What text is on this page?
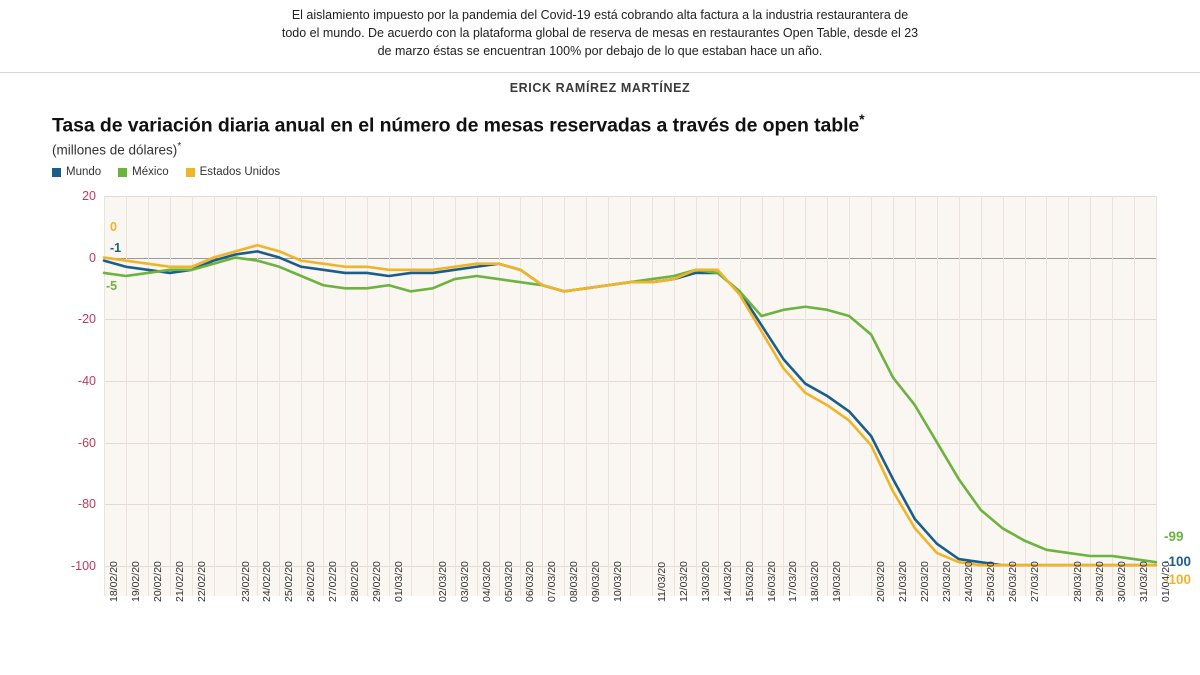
El aislamiento impuesto por la pandemia del Covid-19 está cobrando alta factura a la industria restaurantera de todo el mundo. De acuerdo con la plataforma global de reserva de mesas en restaurantes Open Table, desde el 23 de marzo éstas se encuentran 100% por debajo de lo que estaban hace un año.

ERICK RAMÍREZ MARTÍNEZ
Tasa de variación diaria anual en el número de mesas reservadas a través de open table*
(millones de dólares)*
Mundo	México	Estados Unidos
-1
-5
0
20
0
-20
-40
-60
-80
-100 18/02/20 19/02/20 20/02/20 21/02/20 22/02/20	23/02/20 24/02/20 25/02/20 26/02/20 27/02/20 28/02/20 29/02/20 01/03/20	02/03/20 03/03/20 04/03/20 05/03/20 06/03/20 07/03/20 08/03/20 09/03/20 10/03/20	11/03/20 12/03/20 13/03/20 14/03/20 15/03/20 16/03/20 17/03/20 18/03/20 19/03/20	20/03/20 21/03/20 22/03/20 23/03/20 24/03/20 25/03/20 26/03/20 27/03/20	28/03/20 29/03/20 30/03/20 31/03/20 01/04/20
-100
-99
-100
